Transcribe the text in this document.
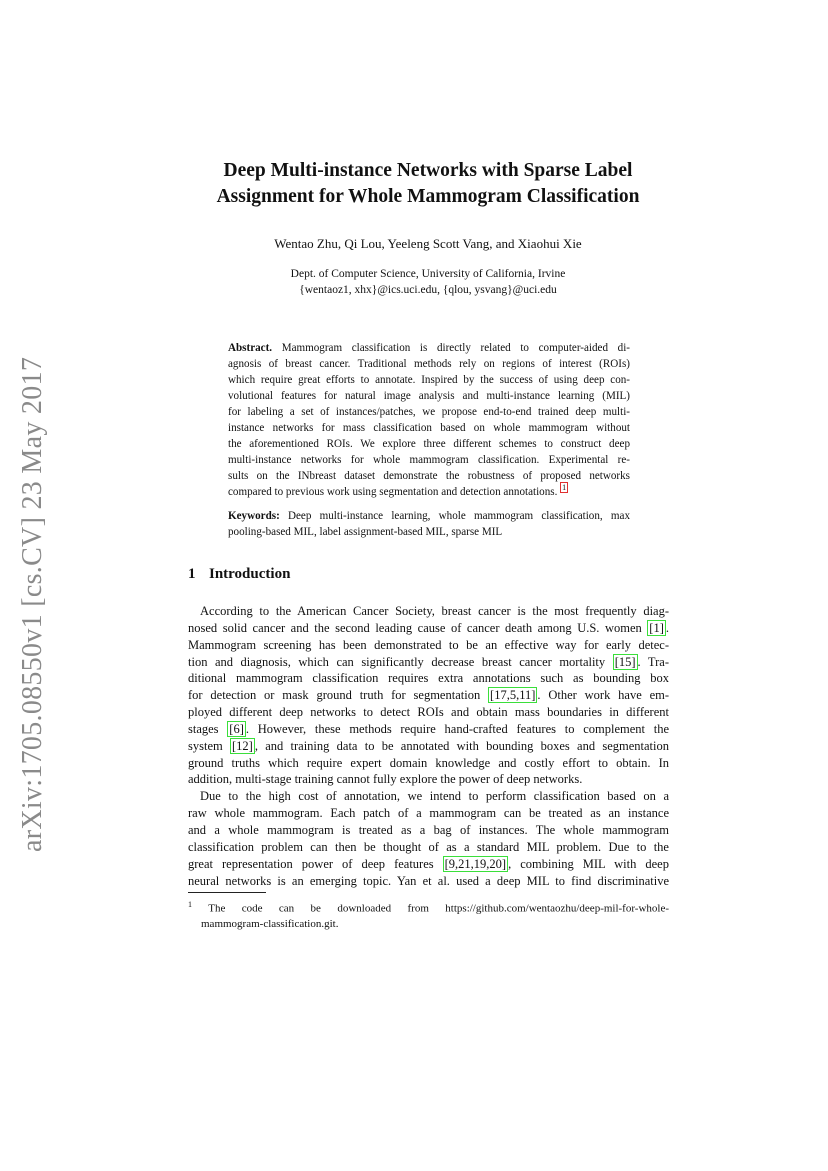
arXiv:1705.08550v1 [cs.CV] 23 May 2017
Deep Multi-instance Networks with Sparse Label
Assignment for Whole Mammogram Classification
Wentao Zhu, Qi Lou, Yeeleng Scott Vang, and Xiaohui Xie
Dept. of Computer Science, University of California, Irvine
{wentaoz1, xhx}@ics.uci.edu, {qlou, ysvang}@uci.edu
Abstract. Mammogram classification is directly related to computer-aided di-
agnosis of breast cancer. Traditional methods rely on regions of interest (ROIs)
which require great efforts to annotate. Inspired by the success of using deep con-
volutional features for natural image analysis and multi-instance learning (MIL)
for labeling a set of instances/patches, we propose end-to-end trained deep multi-
instance networks for mass classification based on whole mammogram without
the aforementioned ROIs. We explore three different schemes to construct deep
multi-instance networks for whole mammogram classification. Experimental re-
sults on the INbreast dataset demonstrate the robustness of proposed networks
compared to previous work using segmentation and detection annotations. $^1$
Keywords: Deep multi-instance learning, whole mammogram classification, max
pooling-based MIL, label assignment-based MIL, sparse MIL
1 Introduction
According to the American Cancer Society, breast cancer is the most frequently diag-
nosed solid cancer and the second leading cause of cancer death among U.S. women [1] .
Mammogram screening has been demonstrated to be an effective way for early detec-
tion and diagnosis, which can significantly decrease breast cancer mortality [15] . Tra-
ditional mammogram classification requires extra annotations such as bounding box
for detection or mask ground truth for segmentation [17,5,11] . Other work have em-
ployed different deep networks to detect ROIs and obtain mass boundaries in different
stages [6] . However, these methods require hand-crafted features to complement the
system [12] , and training data to be annotated with bounding boxes and segmentation
ground truths which require expert domain knowledge and costly effort to obtain. In
addition, multi-stage training cannot fully explore the power of deep networks.
Due to the high cost of annotation, we intend to perform classification based on a
raw whole mammogram. Each patch of a mammogram can be treated as an instance
and a whole mammogram is treated as a bag of instances. The whole mammogram
classification problem can then be thought of as a standard MIL problem. Due to the
great representation power of deep features [9,21,19,20] , combining MIL with deep
neural networks is an emerging topic. Yan et al. used a deep MIL to find discriminative
$^1$ The code can be downloaded from https://github.com/wentaozhu/deep-mil-for-whole-
mammogram-classification.git.
